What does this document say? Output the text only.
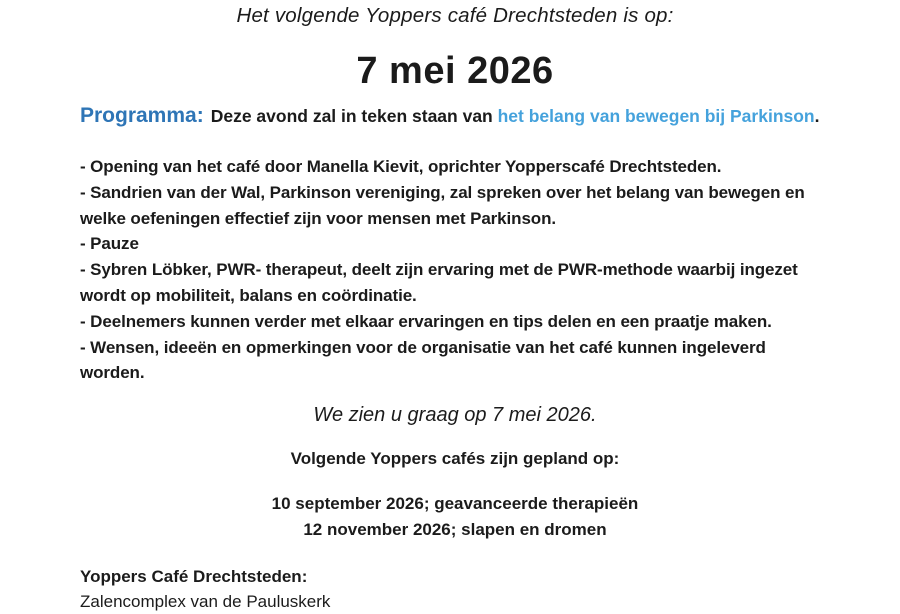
Het volgende Yoppers café Drechtsteden is op:
7 mei 2026
Programma: Deze avond zal in teken staan van het belang van bewegen bij Parkinson.
- Opening van het café door Manella Kievit, oprichter Yopperscafé Drechtsteden.
- Sandrien van der Wal, Parkinson vereniging, zal spreken over het belang van bewegen en
welke oefeningen effectief zijn voor mensen met Parkinson.
- Pauze
- Sybren Löbker, PWR- therapeut, deelt zijn ervaring met de PWR-methode waarbij ingezet
wordt op mobiliteit, balans en coördinatie.
- Deelnemers kunnen verder met elkaar ervaringen en tips delen en een praatje maken.
- Wensen, ideeën en opmerkingen voor de organisatie van het café kunnen ingeleverd
worden.
We zien u graag op 7 mei 2026.
Volgende Yoppers cafés zijn gepland op:
10 september 2026; geavanceerde therapieën
12 november 2026; slapen en dromen
Yoppers Café Drechtsteden:
Zalencomplex van de Pauluskerk
